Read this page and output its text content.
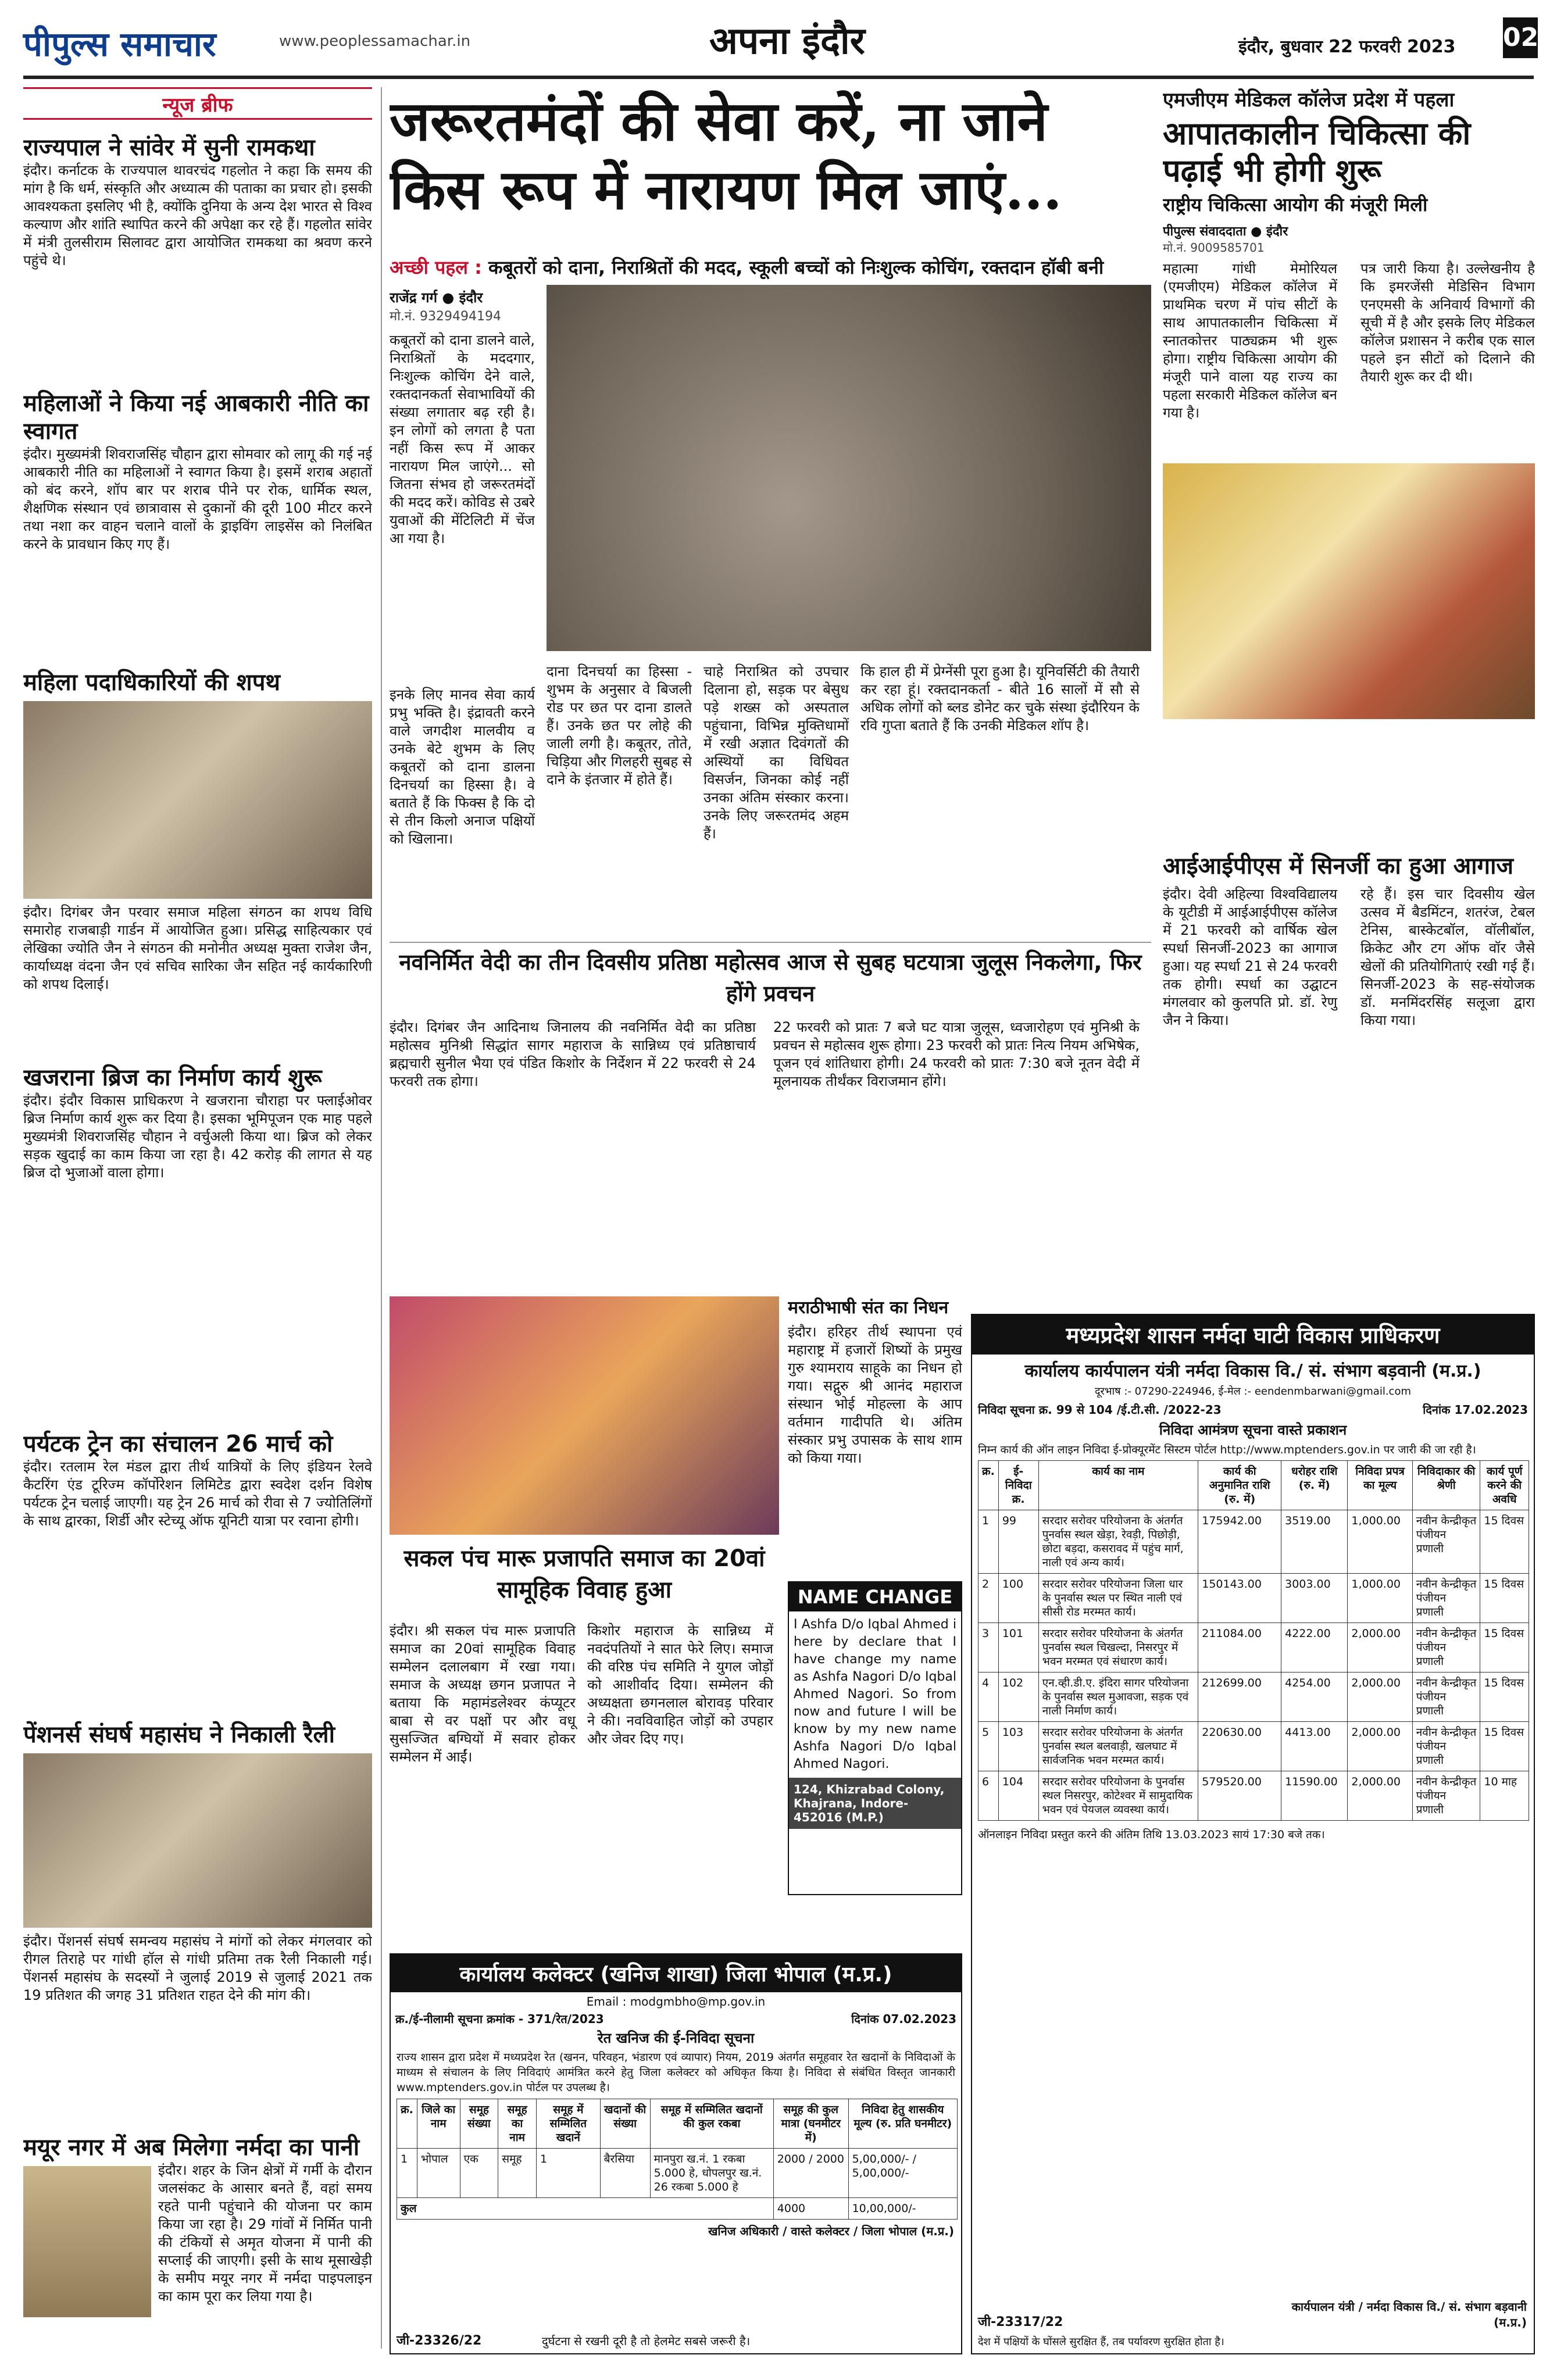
पीपुल्स समाचार	www.peoplessamachar.in	अपना इंदौर	इंदौर, बुधवार 22 फरवरी 2023 02
न्यूज ब्रीफ
राज्यपाल ने सांवेर में सुनी रामकथा
इंदौर। कर्नाटक के राज्यपाल थावरचंद गहलोत ने कहा कि समय की मांग है कि धर्म, संस्कृति और अध्यात्म की पताका का प्रचार हो। इसकी आवश्यकता इसलिए भी है, क्योंकि दुनिया के अन्य देश भारत से विश्व कल्याण और शांति स्थापित करने की अपेक्षा कर रहे हैं। गहलोत सांवेर में मंत्री तुलसीराम सिलावट द्वारा आयोजित रामकथा का श्रवण करने पहुंचे थे।
महिलाओं ने किया नई आबकारी नीति का स्वागत
इंदौर। मुख्यमंत्री शिवराजसिंह चौहान द्वारा सोमवार को लागू की गई नई आबकारी नीति का महिलाओं ने स्वागत किया है। इसमें शराब अहातों को बंद करने, शॉप बार पर शराब पीने पर रोक, धार्मिक स्थल, शैक्षणिक संस्थान एवं छात्रावास से दुकानों की दूरी 100 मीटर करने तथा नशा कर वाहन चलाने वालों के ड्राइविंग लाइसेंस को निलंबित करने के प्रावधान किए गए हैं।
महिला पदाधिकारियों की शपथ
इंदौर। दिगंबर जैन परवार समाज महिला संगठन का शपथ विधि समारोह राजबाड़ी गार्डन में आयोजित हुआ। प्रसिद्ध साहित्यकार एवं लेखिका ज्योति जैन ने संगठन की मनोनीत अध्यक्ष मुक्ता राजेश जैन, कार्याध्यक्ष वंदना जैन एवं सचिव सारिका जैन सहित नई कार्यकारिणी को शपथ दिलाई।
खजराना ब्रिज का निर्माण कार्य शुरू
इंदौर। इंदौर विकास प्राधिकरण ने खजराना चौराहा पर फ्लाईओवर ब्रिज निर्माण कार्य शुरू कर दिया है। इसका भूमिपूजन एक माह पहले मुख्यमंत्री शिवराजसिंह चौहान ने वर्चुअली किया था। ब्रिज को लेकर सड़क खुदाई का काम किया जा रहा है। 42 करोड़ की लागत से यह ब्रिज दो भुजाओं वाला होगा।
पर्यटक ट्रेन का संचालन 26 मार्च को
इंदौर। रतलाम रेल मंडल द्वारा तीर्थ यात्रियों के लिए इंडियन रेलवे कैटरिंग एंड टूरिज्म कॉर्पोरेशन लिमिटेड द्वारा स्वदेश दर्शन विशेष पर्यटक ट्रेन चलाई जाएगी। यह ट्रेन 26 मार्च को रीवा से 7 ज्योतिलिंगों के साथ द्वारका, शिर्डी और स्टेच्यू ऑफ यूनिटी यात्रा पर रवाना होगी।
पेंशनर्स संघर्ष महासंघ ने निकाली रैली
इंदौर। पेंशनर्स संघर्ष समन्वय महासंघ ने मांगों को लेकर मंगलवार को रीगल तिराहे पर गांधी हॉल से गांधी प्रतिमा तक रैली निकाली गई। पेंशनर्स महासंघ के सदस्यों ने जुलाई 2019 से जुलाई 2021 तक 19 प्रतिशत की जगह 31 प्रतिशत राहत देने की मांग की।
मयूर नगर में अब मिलेगा नर्मदा का पानी
इंदौर। शहर के जिन क्षेत्रों में गर्मी के दौरान जलसंकट के आसार बनते हैं, वहां समय रहते पानी पहुंचाने की योजना पर काम किया जा रहा है। 29 गांवों में निर्मित पानी की टंकियों से अमृत योजना में पानी की सप्लाई की जाएगी। इसी के साथ मूसाखेड़ी के समीप मयूर नगर में नर्मदा पाइपलाइन का काम पूरा कर लिया गया है।
जरूरतमंदों की सेवा करें, ना जाने किस रूप में नारायण मिल जाएं...
अच्छी पहल : कबूतरों को दाना, निराश्रितों की मदद, स्कूली बच्चों को निःशुल्क कोचिंग, रक्तदान हॉबी बनी
राजेंद्र गर्ग ● इंदौर
मो.नं. 9329494194
कबूतरों को दाना डालने वाले, निराश्रितों के मददगार, निःशुल्क कोचिंग देने वाले, रक्तदानकर्ता सेवाभावियों की संख्या लगातार बढ़ रही है। इन लोगों को लगता है पता नहीं किस रूप में आकर नारायण मिल जाएंगे... सो जितना संभव हो जरूरतमंदों की मदद करें। कोविड से उबरे युवाओं की मेंटिलिटी में चेंज आ गया है।
इनके लिए मानव सेवा कार्य प्रभु भक्ति है। इंद्रावती करने वाले जगदीश मालवीय व उनके बेटे शुभम के लिए कबूतरों को दाना डालना दिनचर्या का हिस्सा है। वे बताते हैं कि फिक्स है कि दो से तीन किलो अनाज पक्षियों को खिलाना।
दाना दिनचर्या का हिस्सा - शुभम के अनुसार वे बिजली रोड पर छत पर दाना डालते हैं। उनके छत पर लोहे की जाली लगी है। कबूतर, तोते, चिड़िया और गिलहरी सुबह से दाने के इंतजार में होते हैं।
चाहे निराश्रित को उपचार दिलाना हो, सड़क पर बेसुध पड़े शख्स को अस्पताल पहुंचाना, विभिन्न मुक्तिधामों में रखी अज्ञात दिवंगतों की अस्थियों का विधिवत विसर्जन, जिनका कोई नहीं उनका अंतिम संस्कार करना। उनके लिए जरूरतमंद अहम हैं।
कि हाल ही में प्रेग्नेंसी पूरा हुआ है। यूनिवर्सिटी की तैयारी कर रहा हूं। रक्तदानकर्ता - बीते 16 सालों में सौ से अधिक लोगों को ब्लड डोनेट कर चुके संस्था इंदौरियन के रवि गुप्ता बताते हैं कि उनकी मेडिकल शॉप है।
एमजीएम मेडिकल कॉलेज प्रदेश में पहला
आपातकालीन चिकित्सा की पढ़ाई भी होगी शुरू
राष्ट्रीय चिकित्सा आयोग की मंजूरी मिली
पीपुल्स संवाददाता ● इंदौर
मो.नं. 9009585701
महात्मा गांधी मेमोरियल (एमजीएम) मेडिकल कॉलेज में प्राथमिक चरण में पांच सीटों के साथ आपातकालीन चिकित्सा में स्नातकोत्तर पाठ्यक्रम भी शुरू होगा। राष्ट्रीय चिकित्सा आयोग की मंजूरी पाने वाला यह राज्य का पहला सरकारी मेडिकल कॉलेज बन गया है।
पत्र जारी किया है। उल्लेखनीय है कि इमरजेंसी मेडिसिन विभाग एनएमसी के अनिवार्य विभागों की सूची में है और इसके लिए मेडिकल कॉलेज प्रशासन ने करीब एक साल पहले इन सीटों को दिलाने की तैयारी शुरू कर दी थी।
आईआईपीएस में सिनर्जी का हुआ आगाज
इंदौर। देवी अहिल्या विश्वविद्यालय के यूटीडी में आईआईपीएस कॉलेज में 21 फरवरी को वार्षिक खेल स्पर्धा सिनर्जी-2023 का आगाज हुआ। यह स्पर्धा 21 से 24 फरवरी तक होगी। स्पर्धा का उद्घाटन मंगलवार को कुलपति प्रो. डॉ. रेणु जैन ने किया।
रहे हैं। इस चार दिवसीय खेल उत्सव में बैडमिंटन, शतरंज, टेबल टेनिस, बास्केटबॉल, वॉलीबॉल, क्रिकेट और टग ऑफ वॉर जैसे खेलों की प्रतियोगिताएं रखी गई हैं। सिनर्जी-2023 के सह-संयोजक डॉ. मनमिंदरसिंह सलूजा द्वारा किया गया।
नवनिर्मित वेदी का तीन दिवसीय प्रतिष्ठा महोत्सव आज से सुबह घटयात्रा जुलूस निकलेगा, फिर होंगे प्रवचन
इंदौर। दिगंबर जैन आदिनाथ जिनालय की नवनिर्मित वेदी का प्रतिष्ठा महोत्सव मुनिश्री सिद्धांत सागर महाराज के सान्निध्य एवं प्रतिष्ठाचार्य ब्रह्मचारी सुनील भैया एवं पंडित किशोर के निर्देशन में 22 फरवरी से 24 फरवरी तक होगा।
22 फरवरी को प्रातः 7 बजे घट यात्रा जुलूस, ध्वजारोहण एवं मुनिश्री के प्रवचन से महोत्सव शुरू होगा। 23 फरवरी को प्रातः नित्य नियम अभिषेक, पूजन एवं शांतिधारा होगी। 24 फरवरी को प्रातः 7:30 बजे नूतन वेदी में मूलनायक तीर्थंकर विराजमान होंगे।
सकल पंच मारू प्रजापति समाज का 20वां सामूहिक विवाह हुआ
इंदौर। श्री सकल पंच मारू प्रजापति समाज का 20वां सामूहिक विवाह सम्मेलन दलालबाग में रखा गया। समाज के अध्यक्ष छगन प्रजापत ने बताया कि महामंडलेश्वर कंप्यूटर बाबा से वर पक्षों पर और वधू सुसज्जित बग्घियों में सवार होकर सम्मेलन में आईं।
किशोर महाराज के सान्निध्य में नवदंपतियों ने सात फेरे लिए। समाज की वरिष्ठ पंच समिति ने युगल जोड़ों को आशीर्वाद दिया। सम्मेलन की अध्यक्षता छगनलाल बोरावड़ परिवार ने की। नवविवाहित जोड़ों को उपहार और जेवर दिए गए।
मराठीभाषी संत का निधन
इंदौर। हरिहर तीर्थ स्थापना एवं महाराष्ट्र में हजारों शिष्यों के प्रमुख गुरु श्यामराय साहूके का निधन हो गया। सद्गुरु श्री आनंद महाराज संस्थान भोई मोहल्ला के आप वर्तमान गादीपति थे। अंतिम संस्कार प्रभु उपासक के साथ शाम को किया गया।
NAME CHANGE
I Ashfa D/o Iqbal Ahmed i here by declare that I have change my name as Ashfa Nagori D/o Iqbal Ahmed Nagori. So from now and future I will be know by my new name Ashfa Nagori D/o Iqbal Ahmed Nagori.
124, Khizrabad Colony, Khajrana, Indore-452016 (M.P.)
कार्यालय कलेक्टर (खनिज शाखा) जिला भोपाल (म.प्र.)
Email : modgmbho@mp.gov.in
क्र./ई-नीलामी सूचना क्रमांक - 371/रेत/2023	दिनांक 07.02.2023
रेत खनिज की ई-निविदा सूचना
राज्य शासन द्वारा प्रदेश में मध्यप्रदेश रेत (खनन, परिवहन, भंडारण एवं व्यापार) नियम, 2019 अंतर्गत समूहवार रेत खदानों के निविदाओं के माध्यम से संचालन के लिए निविदाएं आमंत्रित करने हेतु जिला कलेक्टर को अधिकृत किया है। निविदा से संबंधित विस्तृत जानकारी www.mptenders.gov.in पोर्टल पर उपलब्ध है।
क्र.	जिले का नाम	समूह संख्या	समूह का नाम	समूह में सम्मिलित खदानें	खदानों की संख्या	समूह में सम्मिलित खदानों की कुल रकबा	समूह की कुल मात्रा (घनमीटर में)	निविदा हेतु शासकीय मूल्य (रु. प्रति घनमीटर)
1	भोपाल	एक	समूह	1	बैरसिया	मानपुरा ख.नं. 1 रकबा 5.000 हे, धोपलपुर ख.नं. 26 रकबा 5.000 हे	2000 / 2000	5,00,000/- / 5,00,000/-
कुल							4000	10,00,000/-
खनिज अधिकारी / वास्ते कलेक्टर / जिला भोपाल (म.प्र.)
जी-23326/22	दुर्घटना से रखनी दूरी है तो हेलमेट सबसे जरूरी है।
मध्यप्रदेश शासन नर्मदा घाटी विकास प्राधिकरण
कार्यालय कार्यपालन यंत्री नर्मदा विकास वि./ सं. संभाग बड़वानी (म.प्र.)
दूरभाष :- 07290-224946, ई-मेल :- eendenmbarwani@gmail.com
निविदा सूचना क्र. 99 से 104 /ई.टी.सी. /2022-23	दिनांक 17.02.2023
निविदा आमंत्रण सूचना वास्ते प्रकाशन
निम्न कार्य की ऑन लाइन निविदा ई-प्रोक्यूरमेंट सिस्टम पोर्टल http://www.mptenders.gov.in पर जारी की जा रही है।
क्र.	ई-निविदा क्र.	कार्य का नाम	कार्य की अनुमानित राशि (रु. में)	धरोहर राशि (रु. में)	निविदा प्रपत्र का मूल्य	निविदाकार की श्रेणी	कार्य पूर्ण करने की अवधि
1	99	सरदार सरोवर परियोजना के अंतर्गत पुनर्वास स्थल खेड़ा, रेवड़ी, पिछोड़ी, छोटा बड़दा, कसरावद में पहुंच मार्ग, नाली एवं अन्य कार्य।	175942.00	3519.00	1,000.00	नवीन केन्द्रीकृत पंजीयन प्रणाली	15 दिवस
2	100	सरदार सरोवर परियोजना जिला धार के पुनर्वास स्थल पर स्थित नाली एवं सीसी रोड मरम्मत कार्य।	150143.00	3003.00	1,000.00	नवीन केन्द्रीकृत पंजीयन प्रणाली	15 दिवस
3	101	सरदार सरोवर परियोजना के अंतर्गत पुनर्वास स्थल चिखल्दा, निसरपुर में भवन मरम्मत एवं संधारण कार्य।	211084.00	4222.00	2,000.00	नवीन केन्द्रीकृत पंजीयन प्रणाली	15 दिवस
4	102	एन.व्ही.डी.ए. इंदिरा सागर परियोजना के पुनर्वास स्थल मुआवजा, सड़क एवं नाली निर्माण कार्य।	212699.00	4254.00	2,000.00	नवीन केन्द्रीकृत पंजीयन प्रणाली	15 दिवस
5	103	सरदार सरोवर परियोजना के अंतर्गत पुनर्वास स्थल बलवाड़ी, खलघाट में सार्वजनिक भवन मरम्मत कार्य।	220630.00	4413.00	2,000.00	नवीन केन्द्रीकृत पंजीयन प्रणाली	15 दिवस
6	104	सरदार सरोवर परियोजना के पुनर्वास स्थल निसरपुर, कोटेश्वर में सामुदायिक भवन एवं पेयजल व्यवस्था कार्य।	579520.00	11590.00	2,000.00	नवीन केन्द्रीकृत पंजीयन प्रणाली	10 माह
ऑनलाइन निविदा प्रस्तुत करने की अंतिम तिथि 13.03.2023 सायं 17:30 बजे तक।
जी-23317/22
कार्यपालन यंत्री / नर्मदा विकास वि./ सं. संभाग बड़वानी (म.प्र.)
देश में पक्षियों के घोंसले सुरक्षित हैं, तब पर्यावरण सुरक्षित होता है।
